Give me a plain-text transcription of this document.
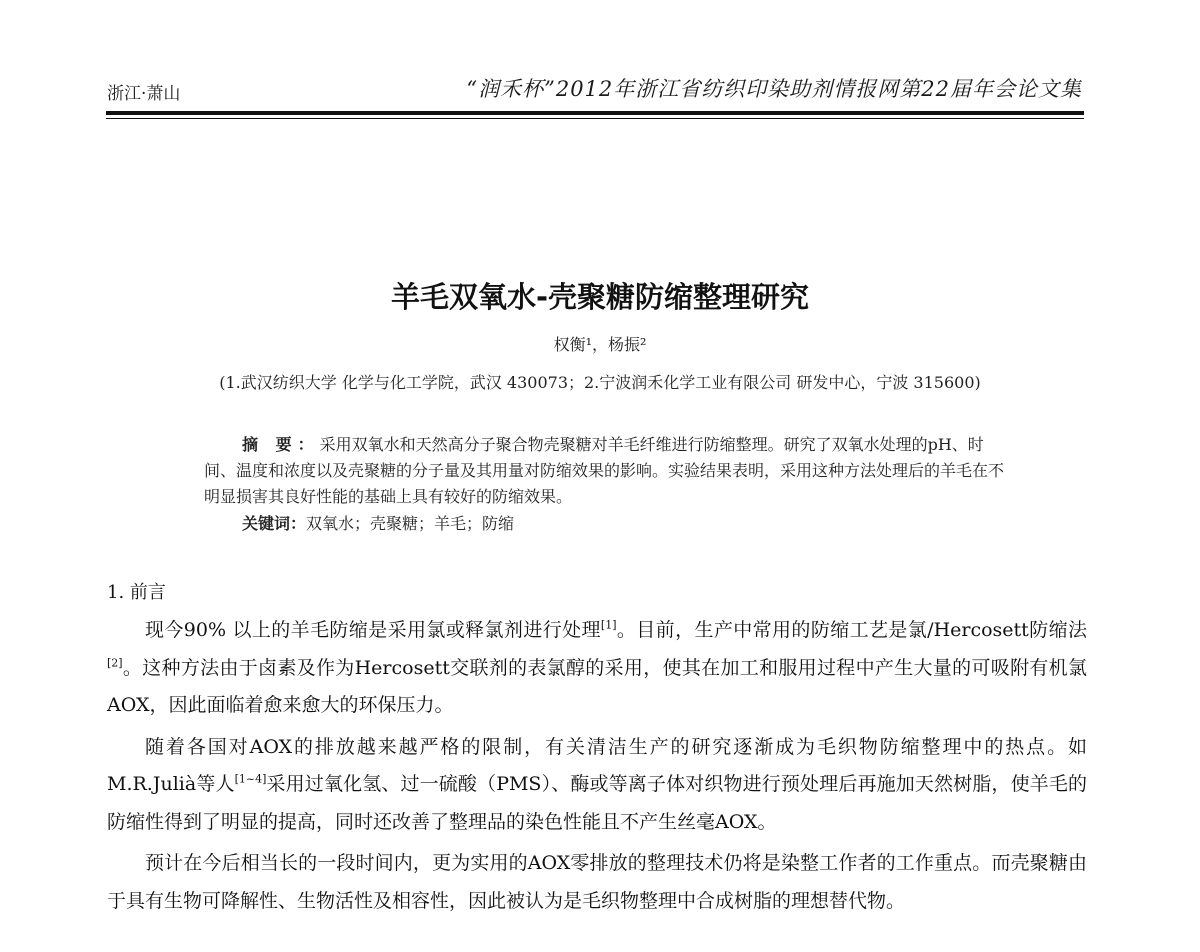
浙江·萧山	“润禾杯”2012年浙江省纺织印染助剂情报网第22届年会论文集
羊毛双氧水-壳聚糖防缩整理研究
权衡¹，杨振²
(1.武汉纺织大学 化学与化工学院，武汉 430073；2.宁波润禾化学工业有限公司 研发中心，宁波 315600)

摘 要：采用双氧水和天然高分子聚合物壳聚糖对羊毛纤维进行防缩整理。研究了双氧水处理的pH、时间、温度和浓度以及壳聚糖的分子量及其用量对防缩效果的影响。实验结果表明，采用这种方法处理后的羊毛在不明显损害其良好性能的基础上具有较好的防缩效果。

关键词：双氧水；壳聚糖；羊毛；防缩
1. 前言

现今90% 以上的羊毛防缩是采用氯或释氯剂进行处理[1]。目前，生产中常用的防缩工艺是氯/Hercosett防缩法[2]。这种方法由于卤素及作为Hercosett交联剂的表氯醇的采用，使其在加工和服用过程中产生大量的可吸附有机氯AOX，因此面临着愈来愈大的环保压力。

随着各国对AOX的排放越来越严格的限制，有关清洁生产的研究逐渐成为毛织物防缩整理中的热点。如M.R.Julià等人[1~4]采用过氧化氢、过一硫酸（PMS）、酶或等离子体对织物进行预处理后再施加天然树脂，使羊毛的防缩性得到了明显的提高，同时还改善了整理品的染色性能且不产生丝毫AOX。

预计在今后相当长的一段时间内，更为实用的AOX零排放的整理技术仍将是染整工作者的工作重点。而壳聚糖由于具有生物可降解性、生物活性及相容性，因此被认为是毛织物整理中合成树脂的理想替代物。
